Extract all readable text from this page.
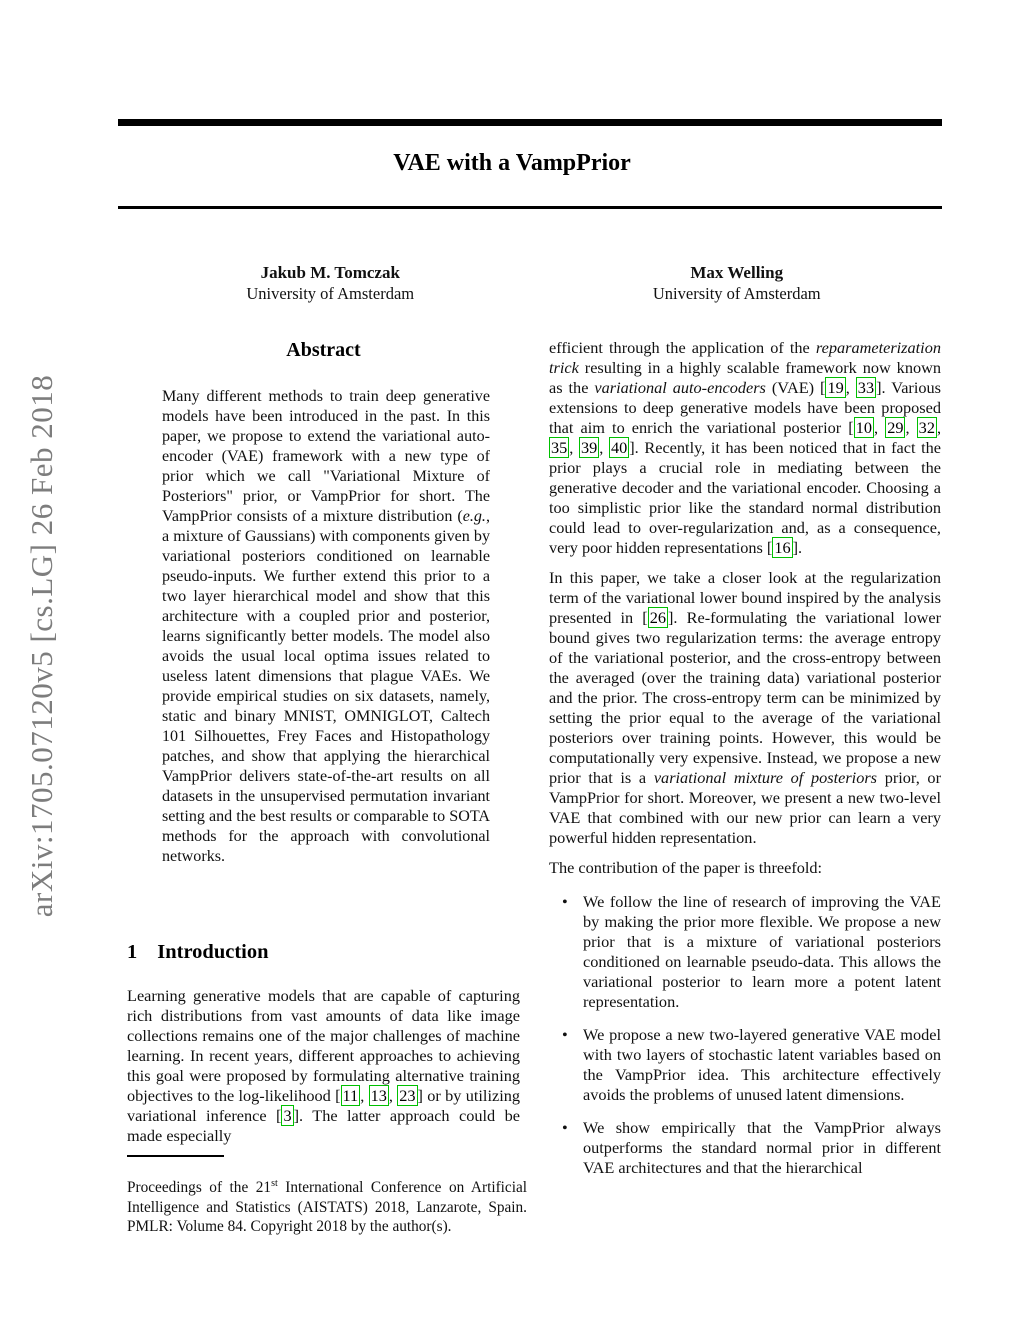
arXiv:1705.07120v5 [cs.LG] 26 Feb 2018
VAE with a VampPrior
Jakub M. Tomczak
University of Amsterdam
Max Welling
University of Amsterdam
Abstract

Many different methods to train deep generative models have been introduced in the past. In this paper, we propose to extend the variational auto-encoder (VAE) framework with a new type of prior which we call "Variational Mixture of Posteriors" prior, or VampPrior for short. The VampPrior consists of a mixture distribution (e.g., a mixture of Gaussians) with components given by variational posteriors conditioned on learnable pseudo-inputs. We further extend this prior to a two layer hierarchical model and show that this architecture with a coupled prior and posterior, learns significantly better models. The model also avoids the usual local optima issues related to useless latent dimensions that plague VAEs. We provide empirical studies on six datasets, namely, static and binary MNIST, OMNIGLOT, Caltech 101 Silhouettes, Frey Faces and Histopathology patches, and show that applying the hierarchical VampPrior delivers state-of-the-art results on all datasets in the unsupervised permutation invariant setting and the best results or comparable to SOTA methods for the approach with convolutional networks.

1 Introduction

Learning generative models that are capable of capturing rich distributions from vast amounts of data like image collections remains one of the major challenges of machine learning. In recent years, different approaches to achieving this goal were proposed by formulating alternative training objectives to the log-likelihood [ 11 , 13 , 23 ] or by utilizing variational inference [ 3 ]. The latter approach could be made especially

Proceedings of the 21st International Conference on Artificial Intelligence and Statistics (AISTATS) 2018, Lanzarote, Spain. PMLR: Volume 84. Copyright 2018 by the author(s).

efficient through the application of the reparameterization trick resulting in a highly scalable framework now known as the variational auto-encoders (VAE) [ 19 , 33 ]. Various extensions to deep generative models have been proposed that aim to enrich the variational posterior [ 10 , 29 , 32 , 35 , 39 , 40 ]. Recently, it has been noticed that in fact the prior plays a crucial role in mediating between the generative decoder and the variational encoder. Choosing a too simplistic prior like the standard normal distribution could lead to over-regularization and, as a consequence, very poor hidden representations [ 16 ].

In this paper, we take a closer look at the regularization term of the variational lower bound inspired by the analysis presented in [ 26 ]. Re-formulating the variational lower bound gives two regularization terms: the average entropy of the variational posterior, and the cross-entropy between the averaged (over the training data) variational posterior and the prior. The cross-entropy term can be minimized by setting the prior equal to the average of the variational posteriors over training points. However, this would be computationally very expensive. Instead, we propose a new prior that is a variational mixture of posteriors prior, or VampPrior for short. Moreover, we present a new two-level VAE that combined with our new prior can learn a very powerful hidden representation.

The contribution of the paper is threefold:

• We follow the line of research of improving the VAE by making the prior more flexible. We propose a new prior that is a mixture of variational posteriors conditioned on learnable pseudo-data. This allows the variational posterior to learn more a potent latent representation.
• We propose a new two-layered generative VAE model with two layers of stochastic latent variables based on the VampPrior idea. This architecture effectively avoids the problems of unused latent dimensions.
• We show empirically that the VampPrior always outperforms the standard normal prior in different VAE architectures and that the hierarchical
